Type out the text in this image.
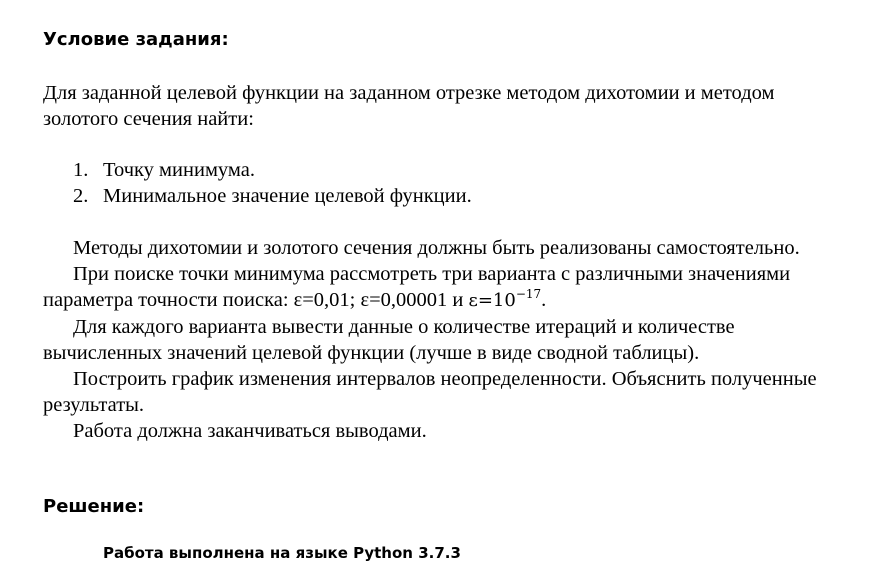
Условие задания:

Для заданной целевой функции на заданном отрезке методом дихотомии и методом золотого сечения найти:

1. Точку минимума.
2. Минимальное значение целевой функции.

Методы дихотомии и золотого сечения должны быть реализованы самостоятельно.

При поиске точки минимума рассмотреть три варианта с различными значениями параметра точности поиска: ε=0,01; ε=0,00001 и $\varepsilon=10^{-17}$.

Для каждого варианта вывести данные о количестве итераций и количестве вычисленных значений целевой функции (лучше в виде сводной таблицы).

Построить график изменения интервалов неопределенности. Объяснить полученные результаты.

Работа должна заканчиваться выводами.

Решение:
Работа выполнена на языке Python 3.7.3
